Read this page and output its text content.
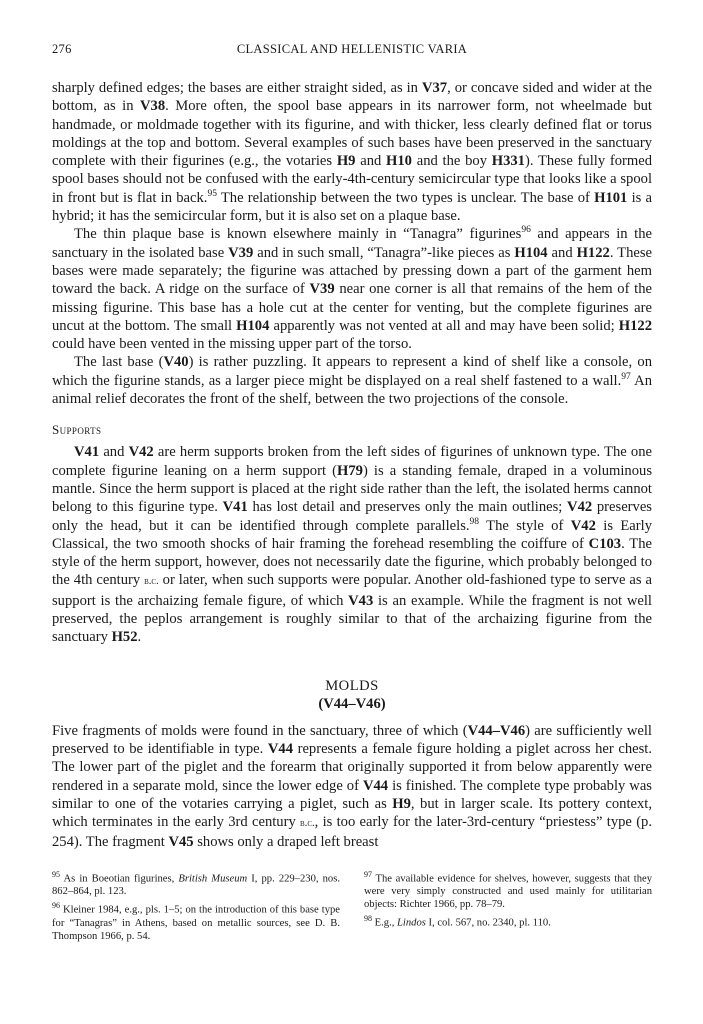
276	CLASSICAL AND HELLENISTIC VARIA

sharply defined edges; the bases are either straight sided, as in V37, or concave sided and wider at the bottom, as in V38. More often, the spool base appears in its narrower form, not wheelmade but handmade, or moldmade together with its figurine, and with thicker, less clearly defined flat or torus moldings at the top and bottom. Several examples of such bases have been preserved in the sanctuary complete with their figurines (e.g., the votaries H9 and H10 and the boy H331). These fully formed spool bases should not be confused with the early-4th-century semicircular type that looks like a spool in front but is flat in back.$^{95}$ The relationship between the two types is unclear. The base of H101 is a hybrid; it has the semicircular form, but it is also set on a plaque base.

The thin plaque base is known elsewhere mainly in “Tanagra” figurines$^{96}$ and appears in the sanctuary in the isolated base V39 and in such small, “Tanagra”-like pieces as H104 and H122. These bases were made separately; the figurine was attached by pressing down a part of the garment hem toward the back. A ridge on the surface of V39 near one corner is all that remains of the hem of the missing figurine. This base has a hole cut at the center for venting, but the complete figurines are uncut at the bottom. The small H104 apparently was not vented at all and may have been solid; H122 could have been vented in the missing upper part of the torso.

The last base (V40) is rather puzzling. It appears to represent a kind of shelf like a console, on which the figurine stands, as a larger piece might be displayed on a real shelf fastened to a wall.$^{97}$ An animal relief decorates the front of the shelf, between the two projections of the console.

Supports

V41 and V42 are herm supports broken from the left sides of figurines of unknown type. The one complete figurine leaning on a herm support (H79) is a standing female, draped in a voluminous mantle. Since the herm support is placed at the right side rather than the left, the isolated herms cannot belong to this figurine type. V41 has lost detail and preserves only the main outlines; V42 preserves only the head, but it can be identified through complete parallels.$^{98}$ The style of V42 is Early Classical, the two smooth shocks of hair framing the forehead resembling the coiffure of C103. The style of the herm support, however, does not necessarily date the figurine, which probably belonged to the 4th century b.c. or later, when such supports were popular. Another old-fashioned type to serve as a support is the archaizing female figure, of which V43 is an example. While the fragment is not well preserved, the peplos arrangement is roughly similar to that of the archaizing figurine from the sanctuary H52.

MOLDS
(V44–V46)

Five fragments of molds were found in the sanctuary, three of which (V44–V46) are sufficiently well preserved to be identifiable in type. V44 represents a female figure holding a piglet across her chest. The lower part of the piglet and the forearm that originally supported it from below apparently were rendered in a separate mold, since the lower edge of V44 is finished. The complete type probably was similar to one of the votaries carrying a piglet, such as H9, but in larger scale. Its pottery context, which terminates in the early 3rd century b.c., is too early for the later-3rd-century “priestess” type (p. 254). The fragment V45 shows only a draped left breast

$^{95}$ As in Boeotian figurines, British Museum I, pp. 229–230, nos. 862–864, pl. 123.
$^{96}$ Kleiner 1984, e.g., pls. 1–5; on the introduction of this base type for “Tanagras” in Athens, based on metallic sources, see D. B. Thompson 1966, p. 54.
$^{97}$ The available evidence for shelves, however, suggests that they were very simply constructed and used mainly for utilitarian objects: Richter 1966, pp. 78–79.
$^{98}$ E.g., Lindos I, col. 567, no. 2340, pl. 110.
